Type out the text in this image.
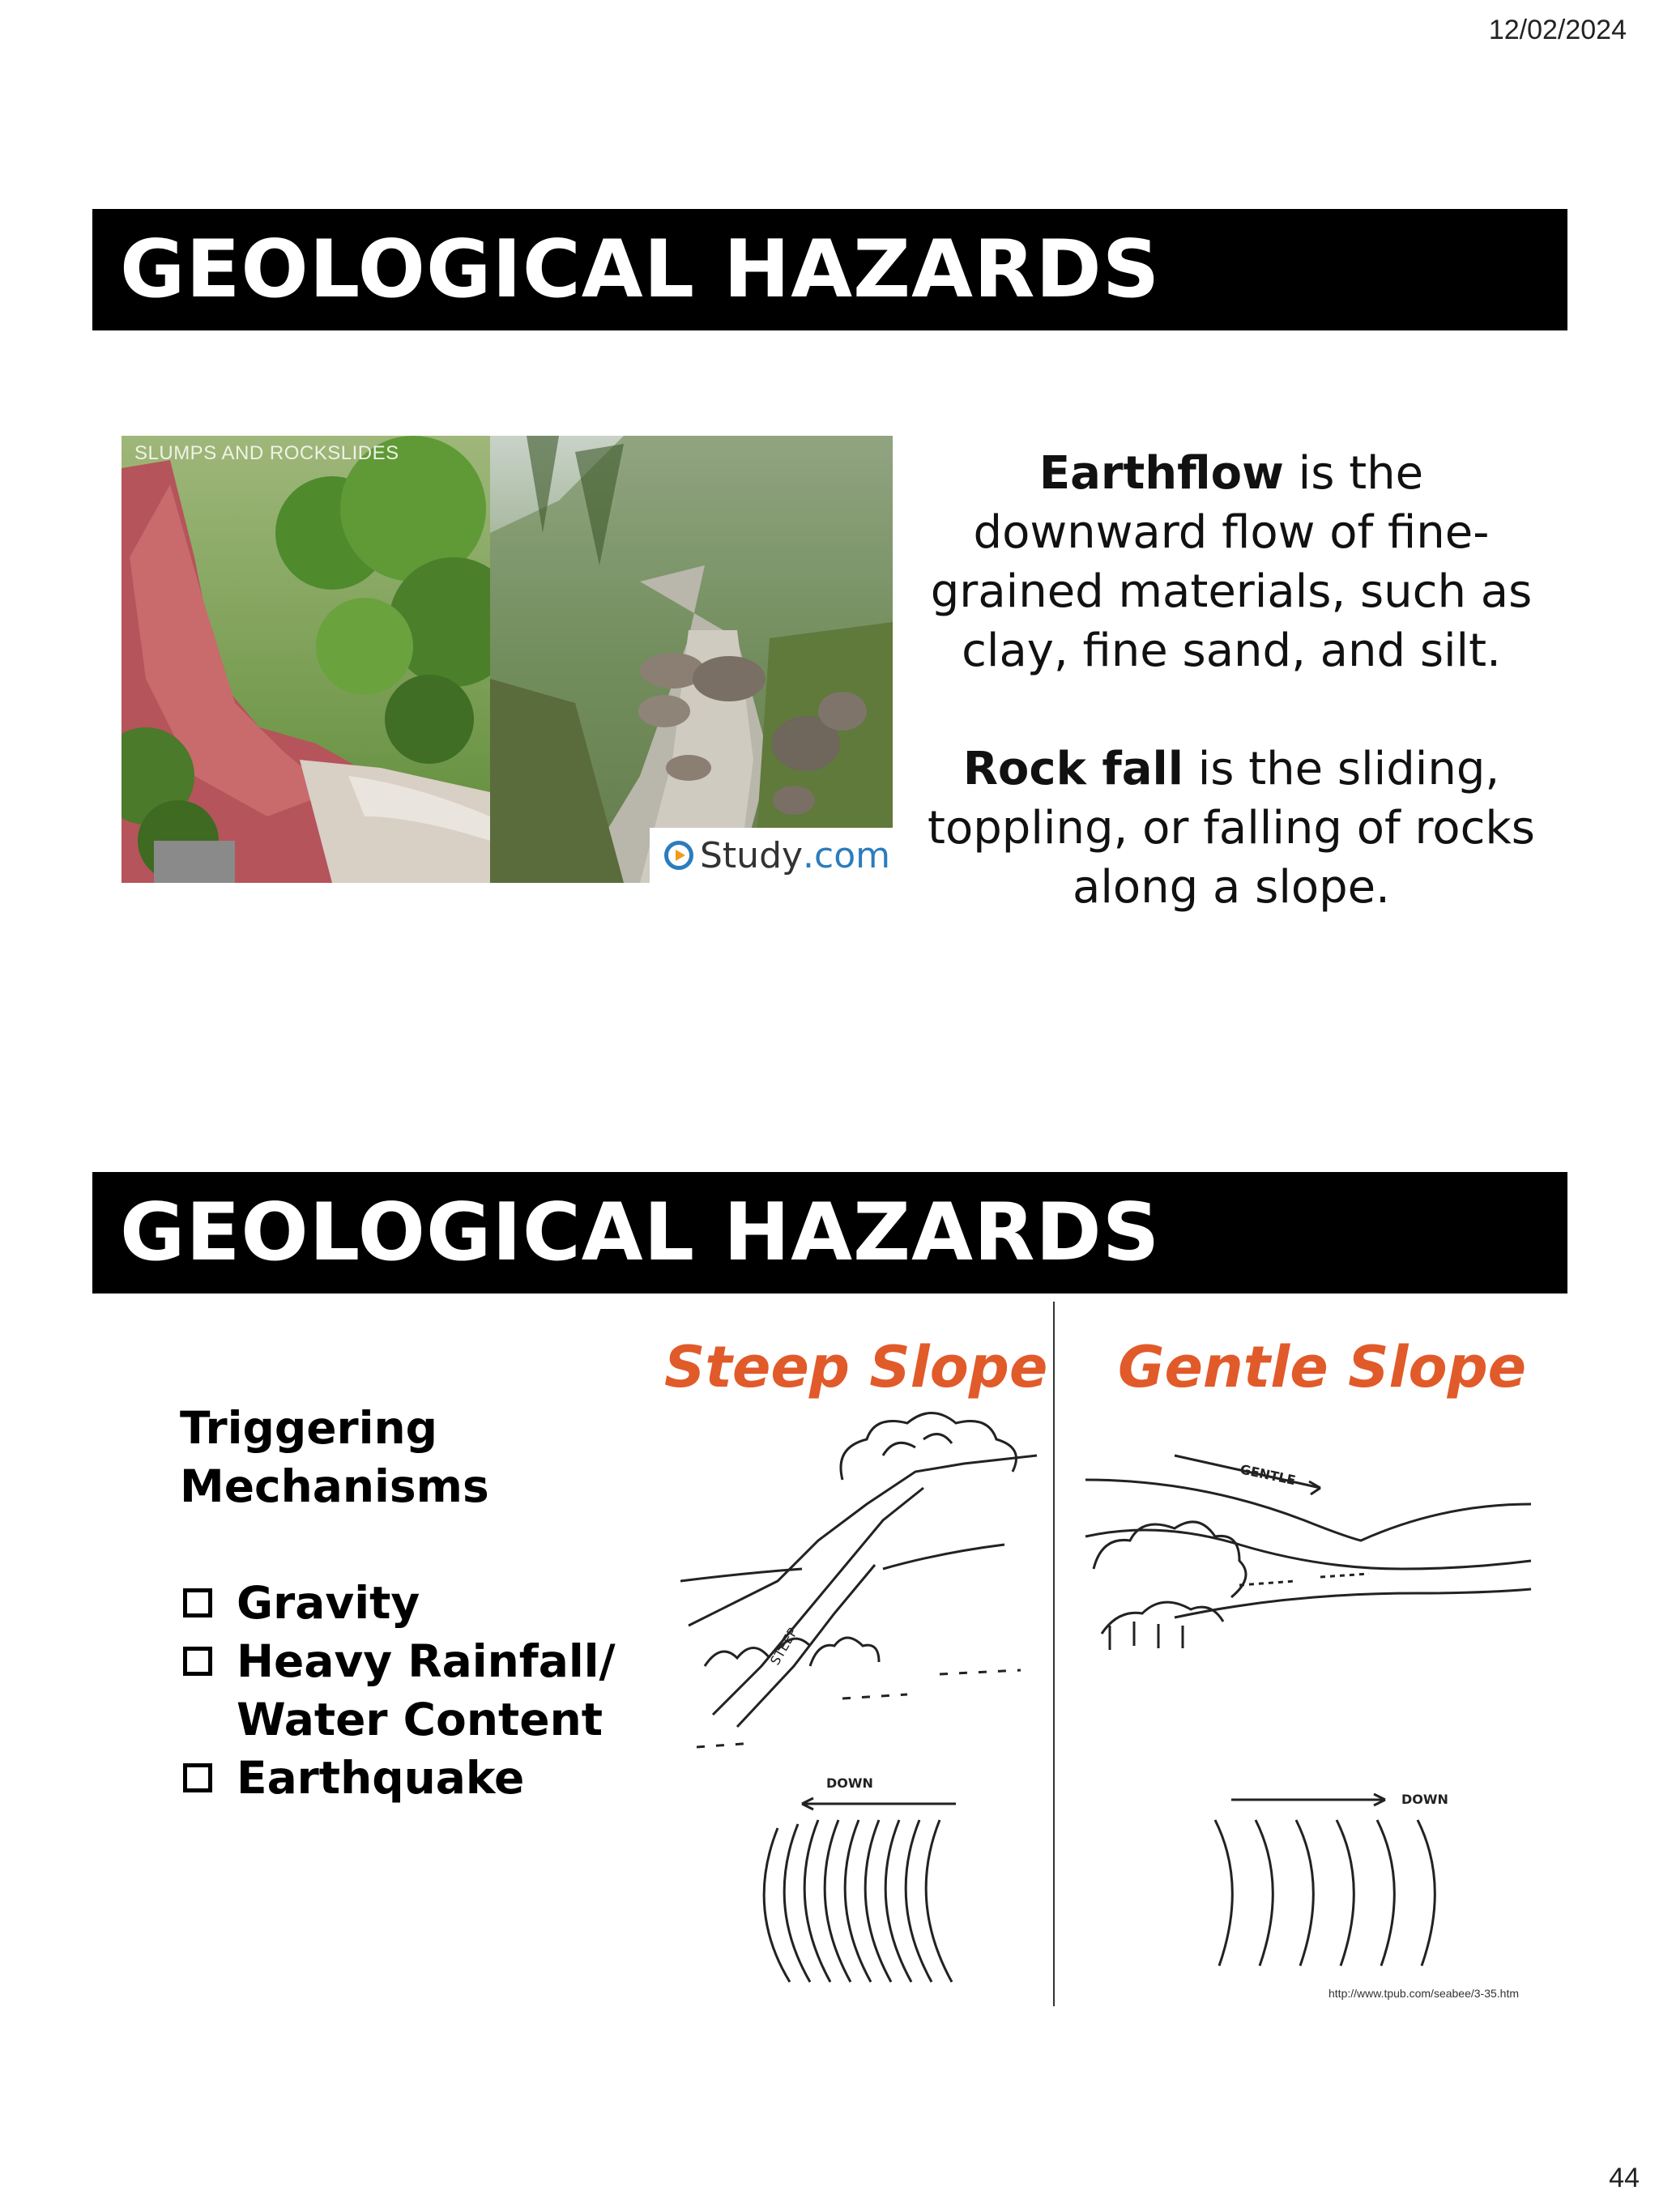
12/02/2024
GEOLOGICAL HAZARDS
SLUMPS AND ROCKSLIDES
Study .com

Earthflow is the downward flow of fine-grained materials, such as clay, fine sand, and silt.

Rock fall is the sliding, toppling, or falling of rocks along a slope.

GEOLOGICAL HAZARDS
Triggering Mechanisms
Gravity
Heavy Rainfall/ Water Content
Earthquake
Steep Slope Gentle Slope
STEEP
DOWN
GENTLE
DOWN
http://www.tpub.com/seabee/3-35.htm
44
